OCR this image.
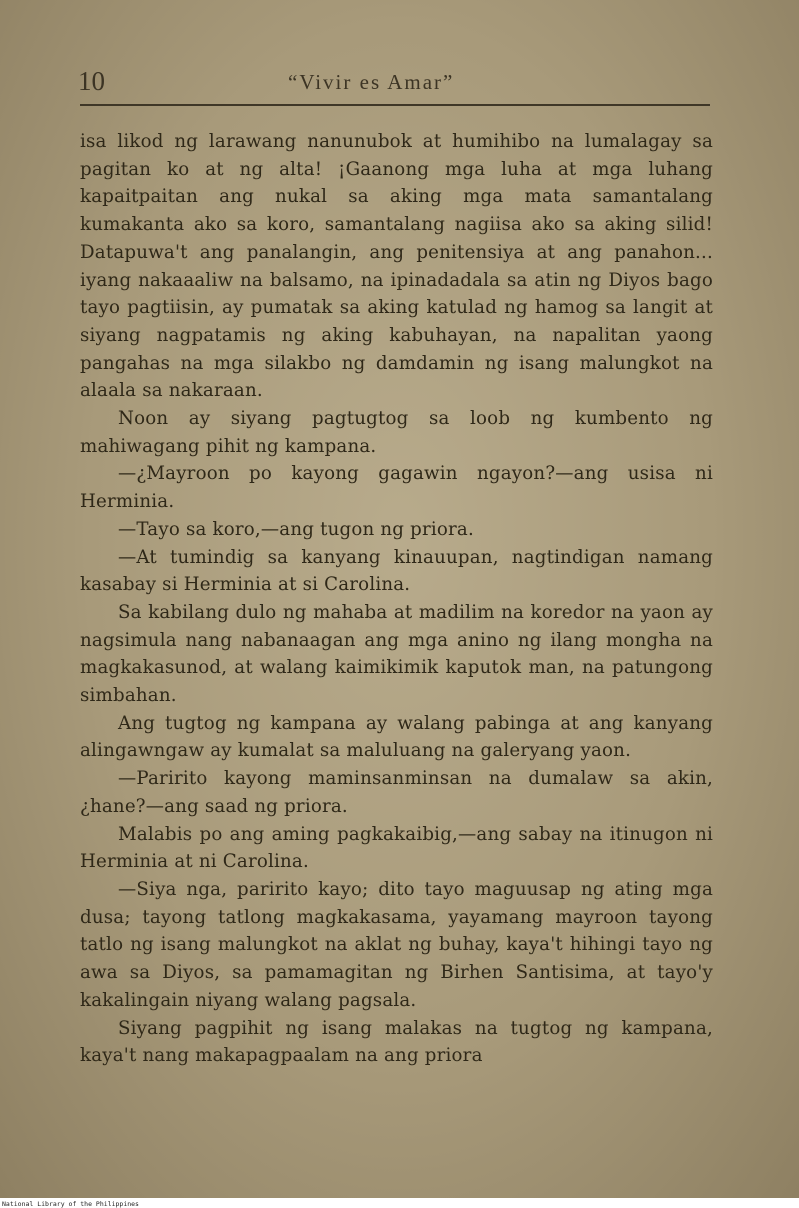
10	“Vivir es Amar”

isa likod ng larawang nanunubok at humihibo na lumalagay sa pagitan ko at ng alta! ¡Gaanong mga luha at mga luhang kapaitpaitan ang nukal sa aking mga mata samantalang kumakanta ako sa koro, samantalang nagiisa ako sa aking silid! Datapuwa't ang panalangin, ang penitensiya at ang panahon... iyang nakaaaliw na balsamo, na ipinadadala sa atin ng Diyos bago tayo pagtiisin, ay pumatak sa aking katulad ng hamog sa langit at siyang nagpatamis ng aking kabuhayan, na napalitan yaong pangahas na mga silakbo ng damdamin ng isang malungkot na alaala sa nakaraan.

Noon ay siyang pagtugtog sa loob ng kumbento ng mahiwagang pihit ng kampana.

—¿Mayroon po kayong gagawin ngayon?—ang usisa ni Herminia.

—Tayo sa koro,—ang tugon ng priora.

—At tumindig sa kanyang kinauupan, nagtindigan namang kasabay si Herminia at si Carolina.

Sa kabilang dulo ng mahaba at madilim na koredor na yaon ay nagsimula nang nabanaagan ang mga anino ng ilang mongha na magkakasunod, at walang kaimikimik kaputok man, na patungong simbahan.

Ang tugtog ng kampana ay walang pabinga at ang kanyang alingawngaw ay kumalat sa maluluang na galeryang yaon.

—Paririto kayong maminsanminsan na dumalaw sa akin, ¿hane?—ang saad ng priora.

Malabis po ang aming pagkakaibig,—ang sabay na itinugon ni Herminia at ni Carolina.

—Siya nga, paririto kayo; dito tayo maguusap ng ating mga dusa; tayong tatlong magkakasama, yayamang mayroon tayong tatlo ng isang malungkot na aklat ng buhay, kaya't hihingi tayo ng awa sa Diyos, sa pamamagitan ng Birhen Santisima, at tayo'y kakalingain niyang walang pagsala.

Siyang pagpihit ng isang malakas na tugtog ng kampana, kaya't nang makapagpaalam na ang priora

National Library of the Philippines
